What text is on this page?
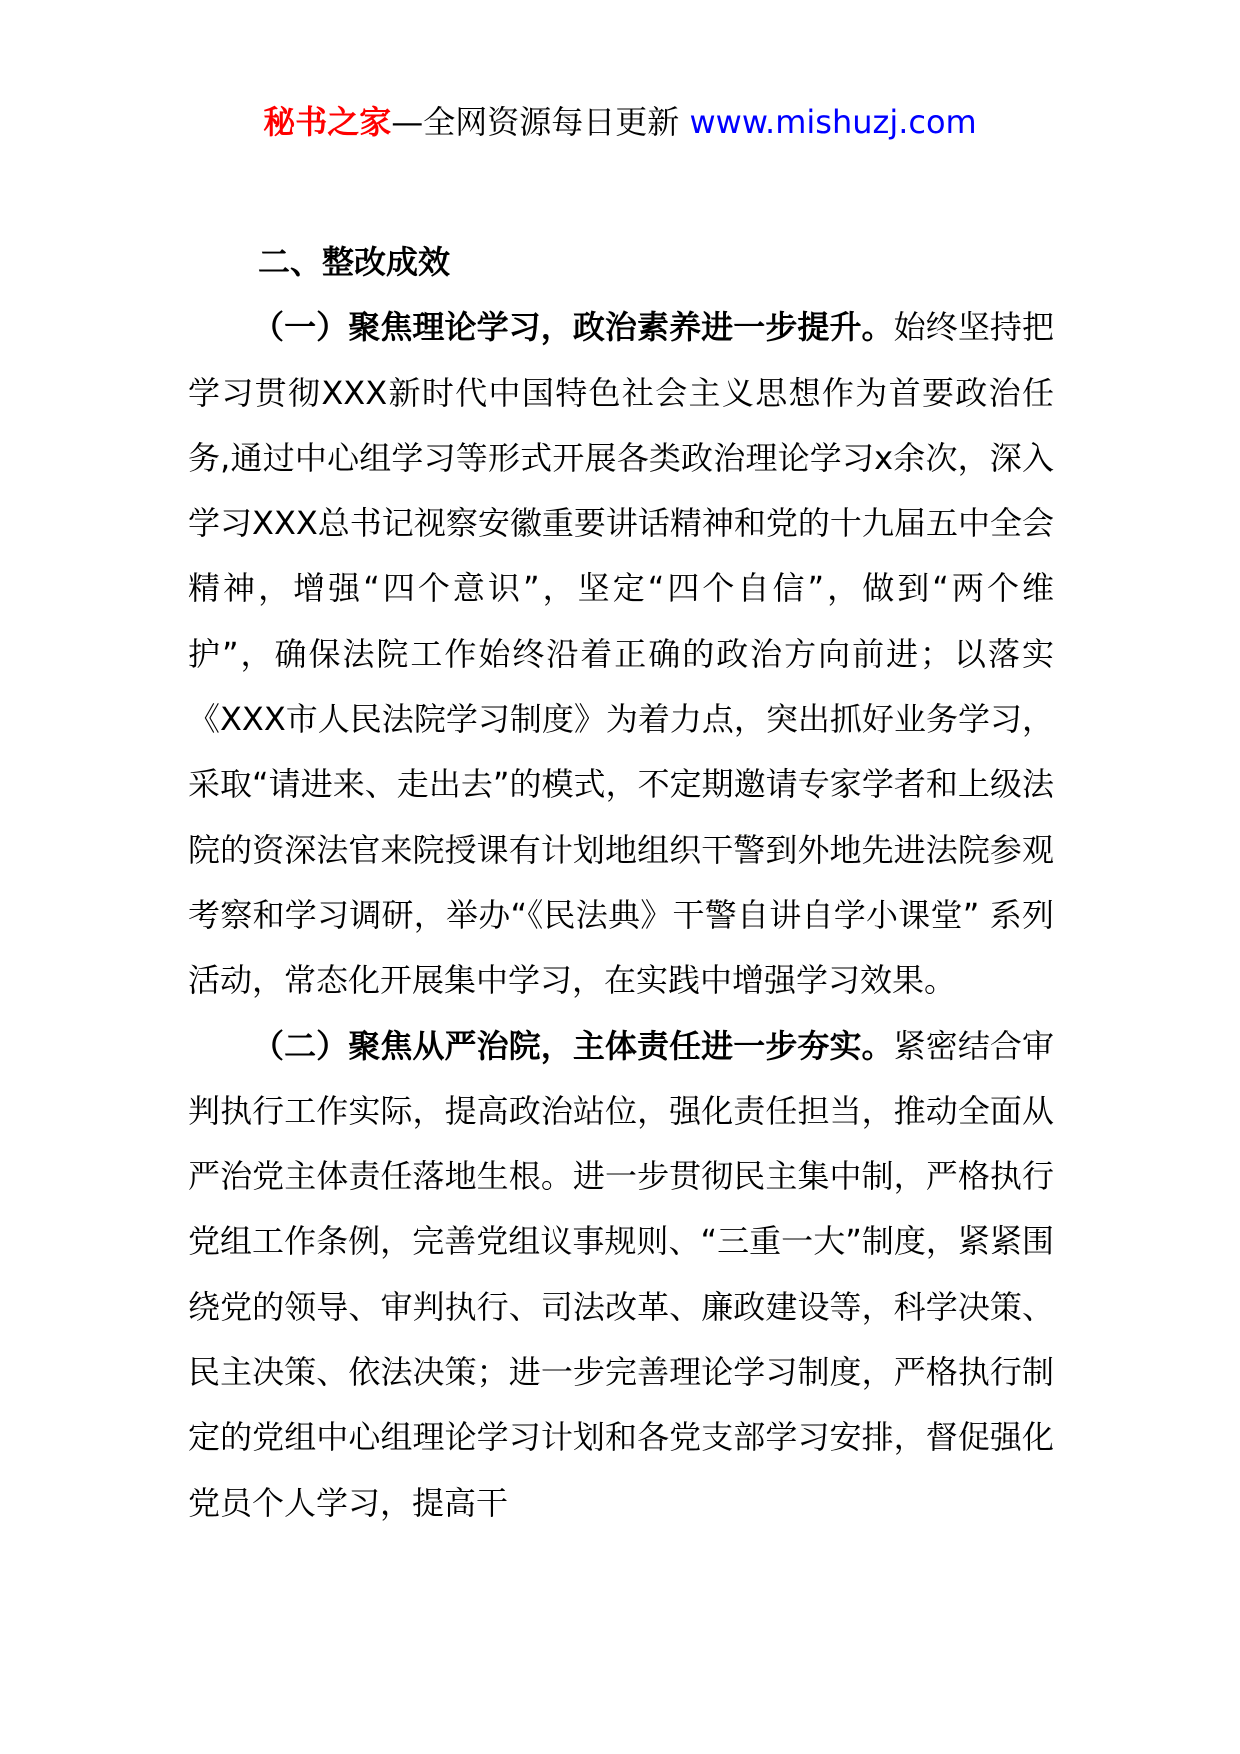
秘书之家—全网资源每日更新 www.mishuzj.com

二、整改成效

（一）聚焦理论学习，政治素养进一步提升。始终坚持把学习贯彻XXX新时代中国特色社会主义思想作为首要政治任务,通过中心组学习等形式开展各类政治理论学习x余次，深入学习XXX总书记视察安徽重要讲话精神和党的十九届五中全会精神，增强“四个意识”，坚定“四个自信”，做到“两个维护”，确保法院工作始终沿着正确的政治方向前进；以落实《XXX市人民法院学习制度》为着力点，突出抓好业务学习，采取“请进来、走出去”的模式，不定期邀请专家学者和上级法院的资深法官来院授课有计划地组织干警到外地先进法院参观考察和学习调研，举办“《民法典》干警自讲自学小课堂” 系列活动，常态化开展集中学习，在实践中增强学习效果。

（二）聚焦从严治院，主体责任进一步夯实。紧密结合审判执行工作实际，提高政治站位，强化责任担当，推动全面从严治党主体责任落地生根。进一步贯彻民主集中制，严格执行党组工作条例，完善党组议事规则、“三重一大”制度，紧紧围绕党的领导、审判执行、司法改革、廉政建设等，科学决策、民主决策、依法决策；进一步完善理论学习制度，严格执行制定的党组中心组理论学习计划和各党支部学习安排，督促强化党员个人学习，提高干
